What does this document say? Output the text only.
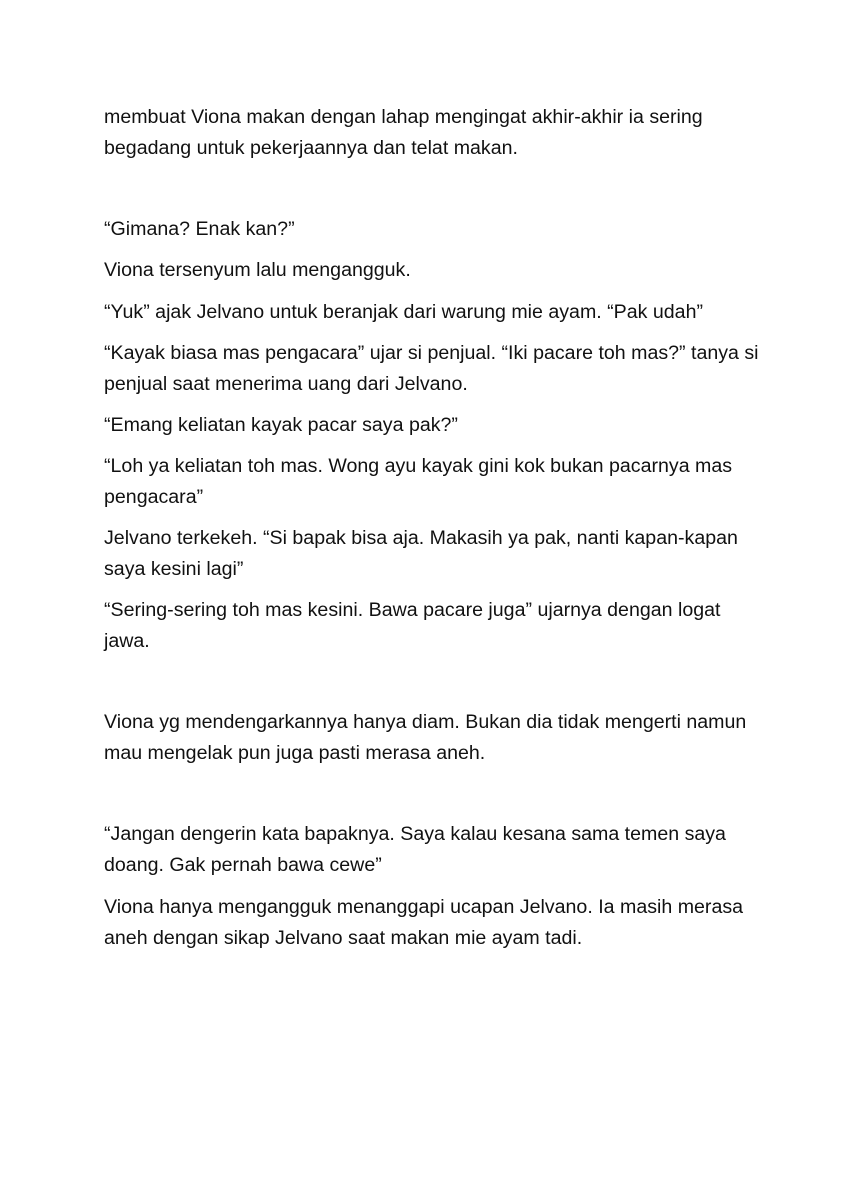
membuat Viona makan dengan lahap mengingat akhir-akhir ia sering begadang untuk pekerjaannya dan telat makan.

“Gimana? Enak kan?”

Viona tersenyum lalu mengangguk.

“Yuk” ajak Jelvano untuk beranjak dari warung mie ayam. “Pak udah”

“Kayak biasa mas pengacara” ujar si penjual. “Iki pacare toh mas?” tanya si penjual saat menerima uang dari Jelvano.

“Emang keliatan kayak pacar saya pak?”

“Loh ya keliatan toh mas. Wong ayu kayak gini kok bukan pacarnya mas pengacara”

Jelvano terkekeh. “Si bapak bisa aja. Makasih ya pak, nanti kapan-kapan saya kesini lagi”

“Sering-sering toh mas kesini. Bawa pacare juga” ujarnya dengan logat jawa.

Viona yg mendengarkannya hanya diam. Bukan dia tidak mengerti namun mau mengelak pun juga pasti merasa aneh.

“Jangan dengerin kata bapaknya. Saya kalau kesana sama temen saya doang. Gak pernah bawa cewe”

Viona hanya mengangguk menanggapi ucapan Jelvano. Ia masih merasa aneh dengan sikap Jelvano saat makan mie ayam tadi.
